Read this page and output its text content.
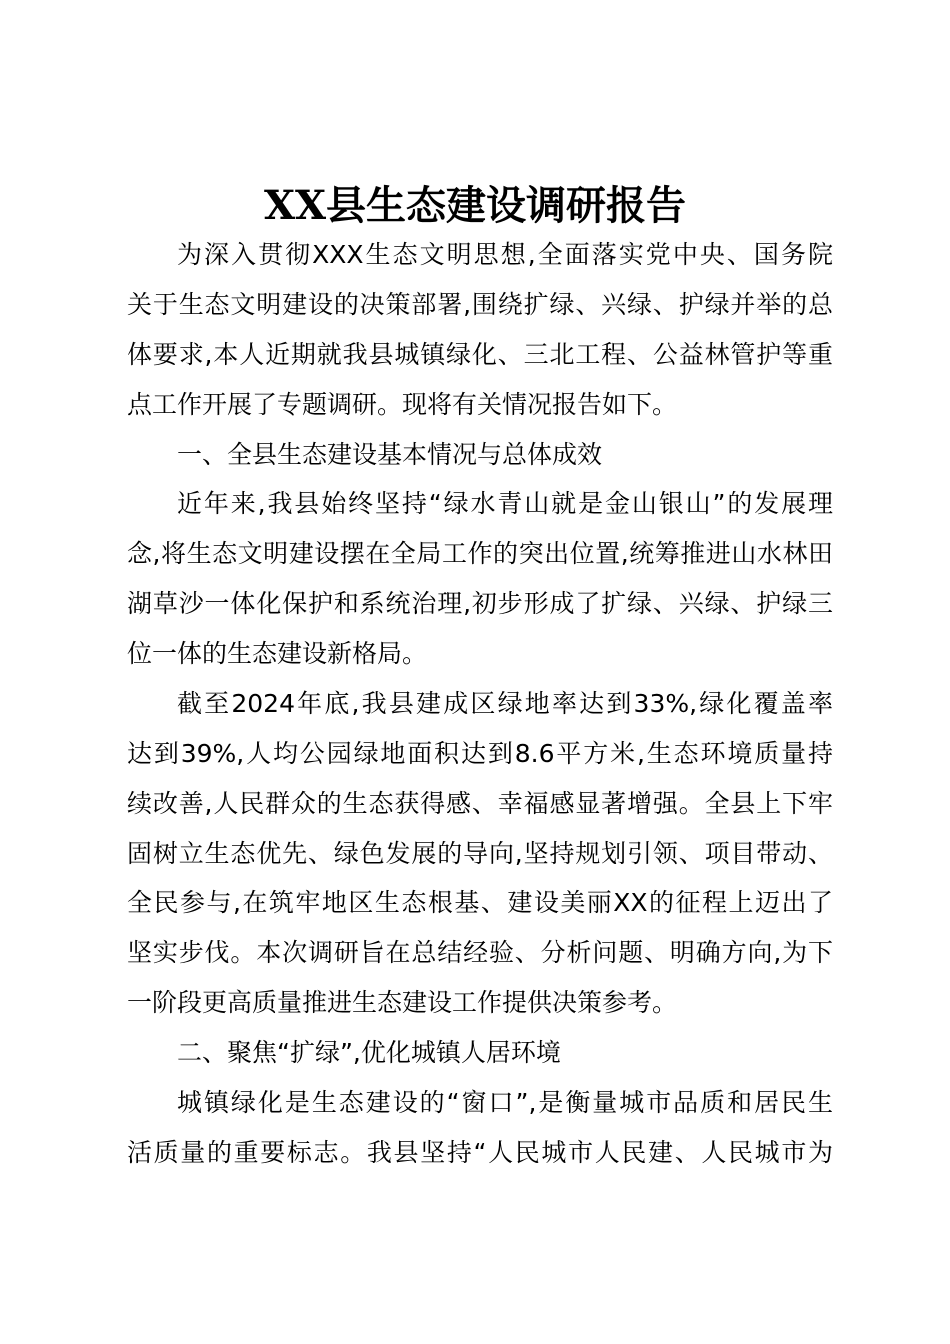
XX县生态建设调研报告
为深入贯彻XXX生态文明思想,全面落实党中央、国务院
关于生态文明建设的决策部署,围绕扩绿、兴绿、护绿并举的总
体要求,本人近期就我县城镇绿化、三北工程、公益林管护等重
点工作开展了专题调研。现将有关情况报告如下。
一、全县生态建设基本情况与总体成效
近年来,我县始终坚持“绿水青山就是金山银山”的发展理
念,将生态文明建设摆在全局工作的突出位置,统筹推进山水林田
湖草沙一体化保护和系统治理,初步形成了扩绿、兴绿、护绿三
位一体的生态建设新格局。
截至2024年底,我县建成区绿地率达到33%,绿化覆盖率
达到39%,人均公园绿地面积达到8.6平方米,生态环境质量持
续改善,人民群众的生态获得感、幸福感显著增强。全县上下牢
固树立生态优先、绿色发展的导向,坚持规划引领、项目带动、
全民参与,在筑牢地区生态根基、建设美丽XX的征程上迈出了
坚实步伐。本次调研旨在总结经验、分析问题、明确方向,为下
一阶段更高质量推进生态建设工作提供决策参考。
二、聚焦“扩绿”,优化城镇人居环境
城镇绿化是生态建设的“窗口”,是衡量城市品质和居民生
活质量的重要标志。我县坚持“人民城市人民建、人民城市为
